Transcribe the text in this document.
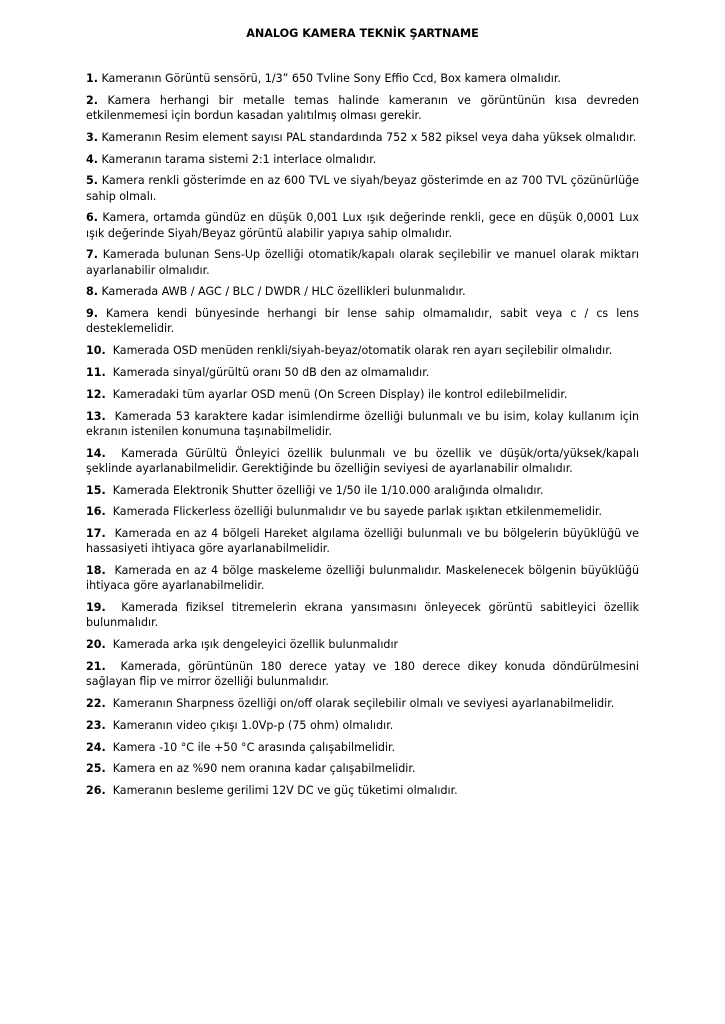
ANALOG KAMERA TEKNİK ŞARTNAME
1. Kameranın Görüntü sensörü, 1/3” 650 Tvline Sony Effio Ccd, Box kamera olmalıdır.
2. Kamera herhangi bir metalle temas halinde kameranın ve görüntünün kısa devreden etkilenmemesi için bordun kasadan yalıtılmış olması gerekir.
3. Kameranın Resim element sayısı PAL standardında 752 x 582 piksel veya daha yüksek olmalıdır.
4. Kameranın tarama sistemi 2:1 interlace olmalıdır.
5. Kamera renkli gösterimde en az 600 TVL ve siyah/beyaz gösterimde en az 700 TVL çözünürlüğe sahip olmalı.
6. Kamera, ortamda gündüz en düşük 0,001 Lux ışık değerinde renkli, gece en düşük 0,0001 Lux ışık değerinde Siyah/Beyaz görüntü alabilir yapıya sahip olmalıdır.
7. Kamerada bulunan Sens-Up özelliği otomatik/kapalı olarak seçilebilir ve manuel olarak miktarı ayarlanabilir olmalıdır.
8. Kamerada AWB / AGC / BLC / DWDR / HLC özellikleri bulunmalıdır.
9. Kamera kendi bünyesinde herhangi bir lense sahip olmamalıdır, sabit veya c / cs lens desteklemelidir.
10. Kamerada OSD menüden renkli/siyah-beyaz/otomatik olarak ren ayarı seçilebilir olmalıdır.
11. Kamerada sinyal/gürültü oranı 50 dB den az olmamalıdır.
12. Kameradaki tüm ayarlar OSD menü (On Screen Display) ile kontrol edilebilmelidir.
13. Kamerada 53 karaktere kadar isimlendirme özelliği bulunmalı ve bu isim, kolay kullanım için ekranın istenilen konumuna taşınabilmelidir.
14. Kamerada Gürültü Önleyici özellik bulunmalı ve bu özellik ve düşük/orta/yüksek/kapalı şeklinde ayarlanabilmelidir. Gerektiğinde bu özelliğin seviyesi de ayarlanabilir olmalıdır.
15. Kamerada Elektronik Shutter özelliği ve 1/50 ile 1/10.000 aralığında olmalıdır.
16. Kamerada Flickerless özelliği bulunmalıdır ve bu sayede parlak ışıktan etkilenmemelidir.
17. Kamerada en az 4 bölgeli Hareket algılama özelliği bulunmalı ve bu bölgelerin büyüklüğü ve hassasiyeti ihtiyaca göre ayarlanabilmelidir.
18. Kamerada en az 4 bölge maskeleme özelliği bulunmalıdır. Maskelenecek bölgenin büyüklüğü ihtiyaca göre ayarlanabilmelidir.
19. Kamerada fiziksel titremelerin ekrana yansımasını önleyecek görüntü sabitleyici özellik bulunmalıdır.
20. Kamerada arka ışık dengeleyici özellik bulunmalıdır
21. Kamerada, görüntünün 180 derece yatay ve 180 derece dikey konuda döndürülmesini sağlayan flip ve mirror özelliği bulunmalıdır.
22. Kameranın Sharpness özelliği on/off olarak seçilebilir olmalı ve seviyesi ayarlanabilmelidir.
23. Kameranın video çıkışı 1.0Vp-p (75 ohm) olmalıdır.
24. Kamera -10 °C ile +50 °C arasında çalışabilmelidir.
25. Kamera en az %90 nem oranına kadar çalışabilmelidir.
26. Kameranın besleme gerilimi 12V DC ve güç tüketimi olmalıdır.
